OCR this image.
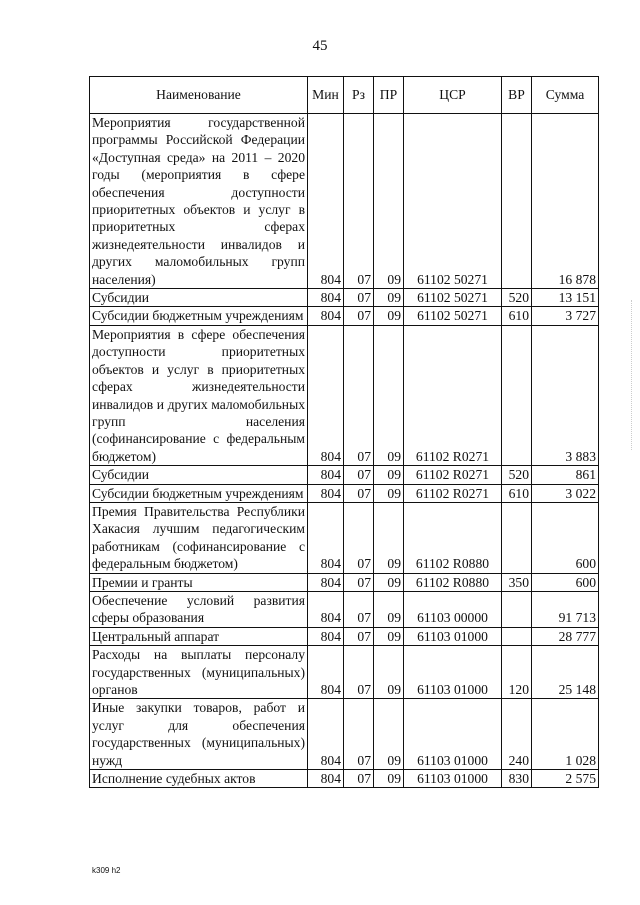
45
Наименование	Мин	Рз	ПР	ЦСР	ВР	Сумма
Мероприятия государственной программы Российской Федерации «Доступная среда» на 2011 – 2020 годы (мероприятия в сфере обеспечения доступности приоритетных объектов и услуг в приоритетных сферах жизнедеятельности инвалидов и других маломобильных групп населения)	804	07	09	61102 50271		16 878
Субсидии	804	07	09	61102 50271	520	13 151
Субсидии бюджетным учреждениям	804	07	09	61102 50271	610	3 727
Мероприятия в сфере обеспечения доступности приоритетных объектов и услуг в приоритетных сферах жизнедеятельности инвалидов и других маломобильных групп населения (софинансирование с федеральным бюджетом)	804	07	09	61102 R0271		3 883
Субсидии	804	07	09	61102 R0271	520	861
Субсидии бюджетным учреждениям	804	07	09	61102 R0271	610	3 022
Премия Правительства Республики Хакасия лучшим педагогическим работникам (софинансирование с федеральным бюджетом)	804	07	09	61102 R0880		600
Премии и гранты	804	07	09	61102 R0880	350	600
Обеспечение условий развития сферы образования	804	07	09	61103 00000		91 713
Центральный аппарат	804	07	09	61103 01000		28 777
Расходы на выплаты персоналу государственных (муниципальных) органов	804	07	09	61103 01000	120	25 148
Иные закупки товаров, работ и услуг для обеспечения государственных (муниципальных) нужд	804	07	09	61103 01000	240	1 028
Исполнение судебных актов	804	07	09	61103 01000	830	2 575
k309 h2
